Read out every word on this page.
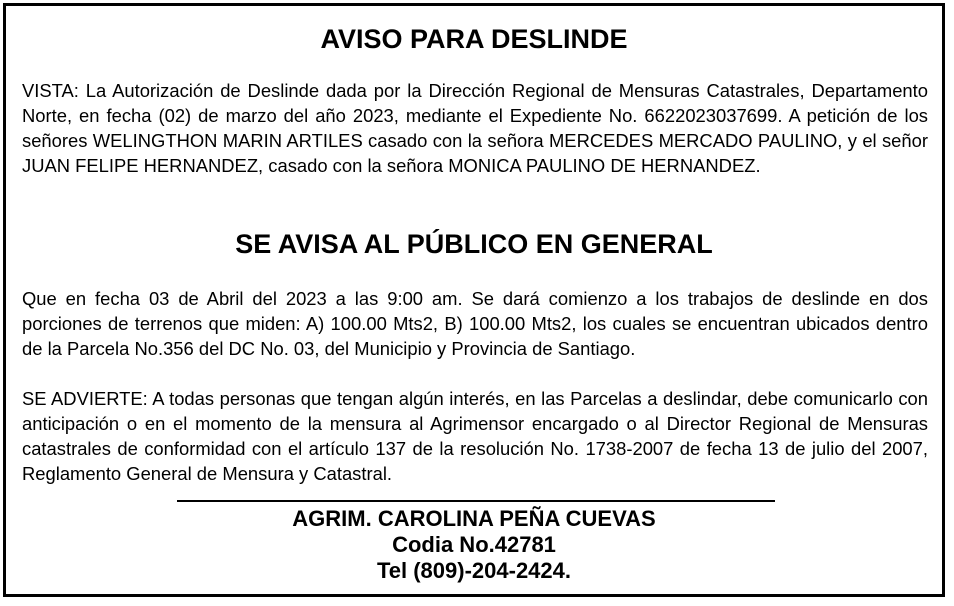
AVISO PARA DESLINDE

VISTA: La Autorización de Deslinde dada por la Dirección Regional de Mensuras Catastrales, Departamento Norte, en fecha (02) de marzo del año 2023, mediante el Expediente No. 6622023037699. A petición de los señores WELINGTHON MARIN ARTILES casado con la señora MERCEDES MERCADO PAULINO, y el señor JUAN FELIPE HERNANDEZ, casado con la señora MONICA PAULINO DE HERNANDEZ.

SE AVISA AL PÚBLICO EN GENERAL

Que en fecha 03 de Abril del 2023 a las 9:00 am. Se dará comienzo a los trabajos de deslinde en dos porciones de terrenos que miden: A) 100.00 Mts2, B) 100.00 Mts2, los cuales se encuentran ubicados dentro de la Parcela No.356 del DC No. 03, del Municipio y Provincia de Santiago.

SE ADVIERTE: A todas personas que tengan algún interés, en las Parcelas a deslindar, debe comunicarlo con anticipación o en el momento de la mensura al Agrimensor encargado o al Director Regional de Mensuras catastrales de conformidad con el artículo 137 de la resolución No. 1738-2007 de fecha 13 de julio del 2007, Reglamento General de Mensura y Catastral.

AGRIM. CAROLINA PEÑA CUEVAS
Codia No.42781
Tel (809)-204-2424.
